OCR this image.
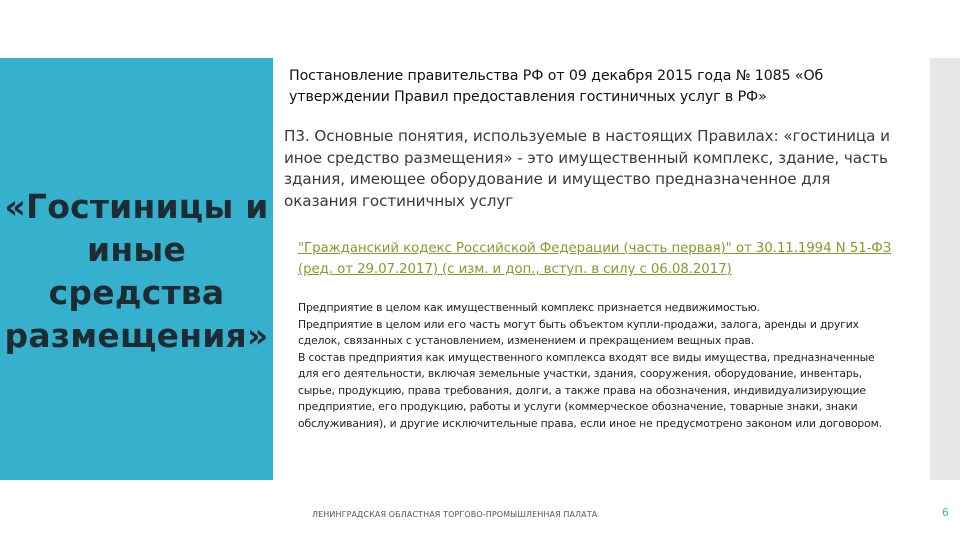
«Гостиницы и иные средства размещения»

Постановление правительства РФ от 09 декабря 2015 года № 1085 «Об утверждении Правил предоставления гостиничных услуг в РФ»

П3. Основные понятия, используемые в настоящих Правилах: «гостиница и иное средство размещения» - это имущественный комплекс, здание, часть здания, имеющее оборудование и имущество предназначенное для оказания гостиничных услуг

"Гражданский кодекс Российской Федерации (часть первая)" от 30.11.1994 N 51-ФЗ (ред. от 29.07.2017) (с изм. и доп., вступ. в силу с 06.08.2017)

Предприятие в целом как имущественный комплекс признается недвижимостью.

Предприятие в целом или его часть могут быть объектом купли-продажи, залога, аренды и других сделок, связанных с установлением, изменением и прекращением вещных прав.

В состав предприятия как имущественного комплекса входят все виды имущества, предназначенные для его деятельности, включая земельные участки, здания, сооружения, оборудование, инвентарь, сырье, продукцию, права требования, долги, а также права на обозначения, индивидуализирующие предприятие, его продукцию, работы и услуги (коммерческое обозначение, товарные знаки, знаки обслуживания), и другие исключительные права, если иное не предусмотрено законом или договором.

ЛЕНИНГРАДСКАЯ ОБЛАСТНАЯ ТОРГОВО-ПРОМЫШЛЕННАЯ ПАЛАТА	6
